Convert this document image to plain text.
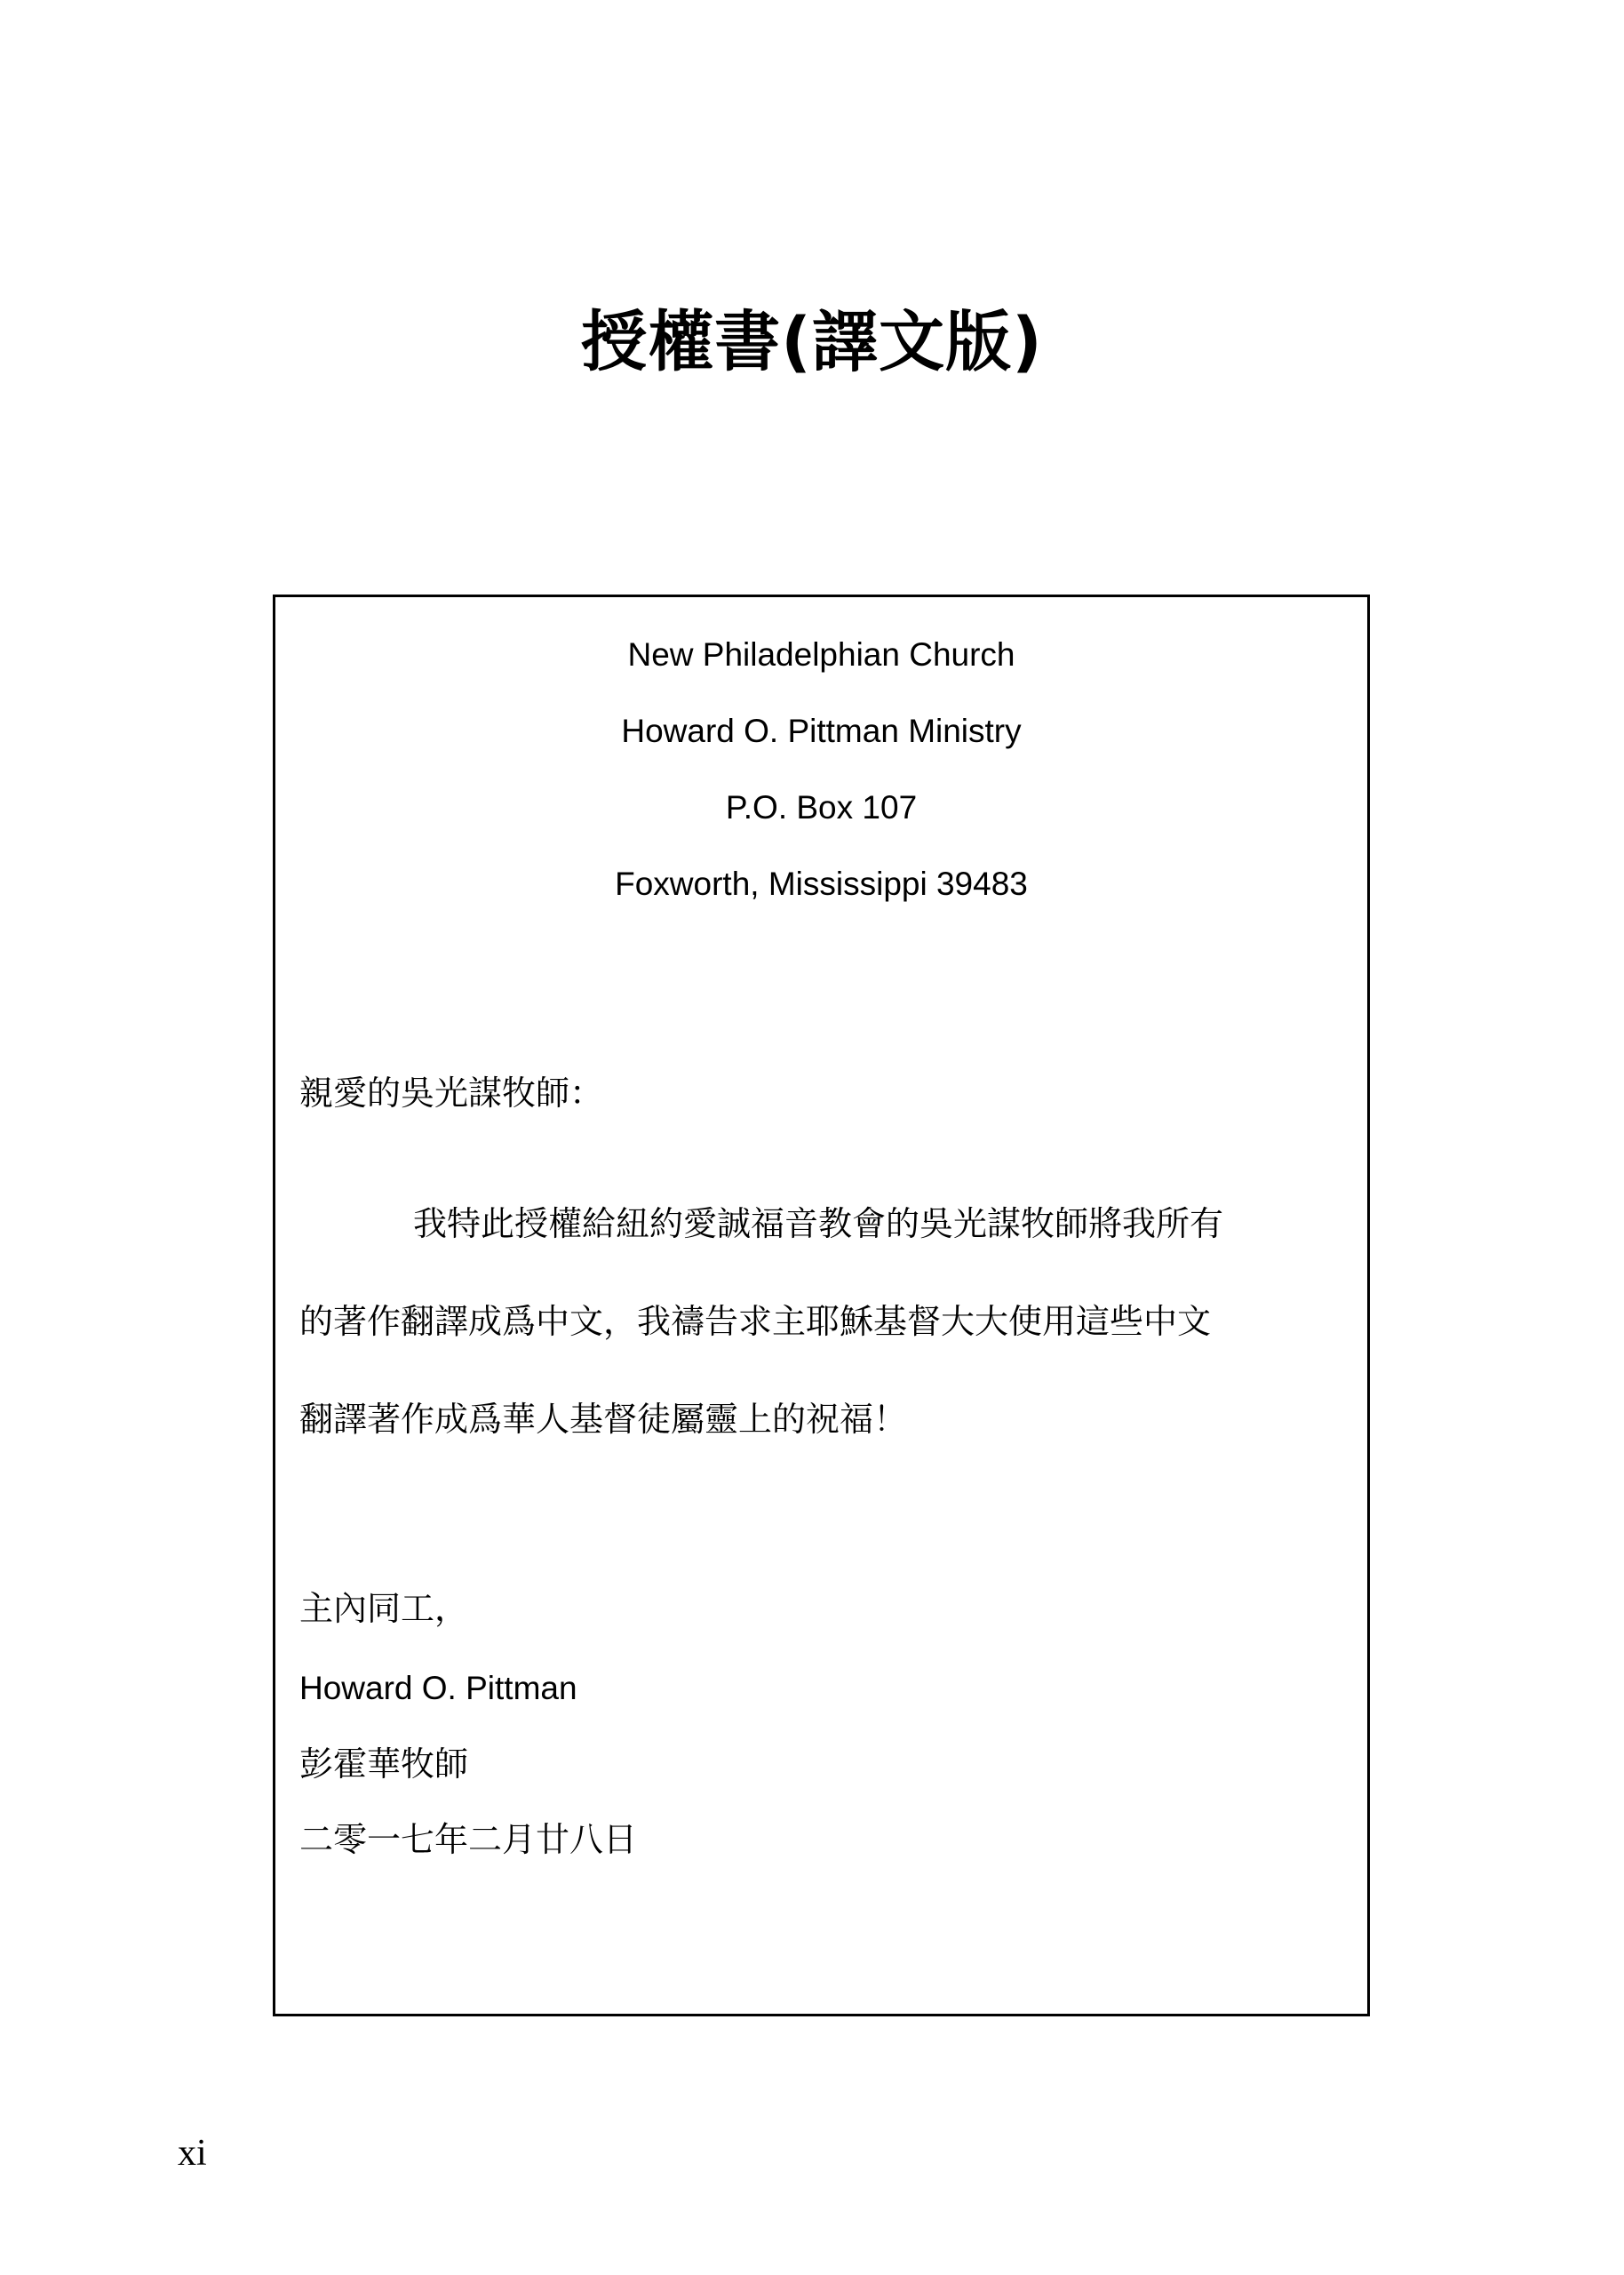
授權書(譯文版)
New Philadelphian Church
Howard O. Pittman Ministry
P.O. Box 107
Foxworth, Mississippi 39483
親愛的吳光謀牧師：
我特此授權給紐約愛誠福音教會的吳光謀牧師將我所有
的著作翻譯成爲中文，我禱告求主耶穌基督大大使用這些中文
翻譯著作成爲華人基督徒屬靈上的祝福！
主內同工，
Howard O. Pittman
彭霍華牧師
二零一七年二月廿八日
xi
